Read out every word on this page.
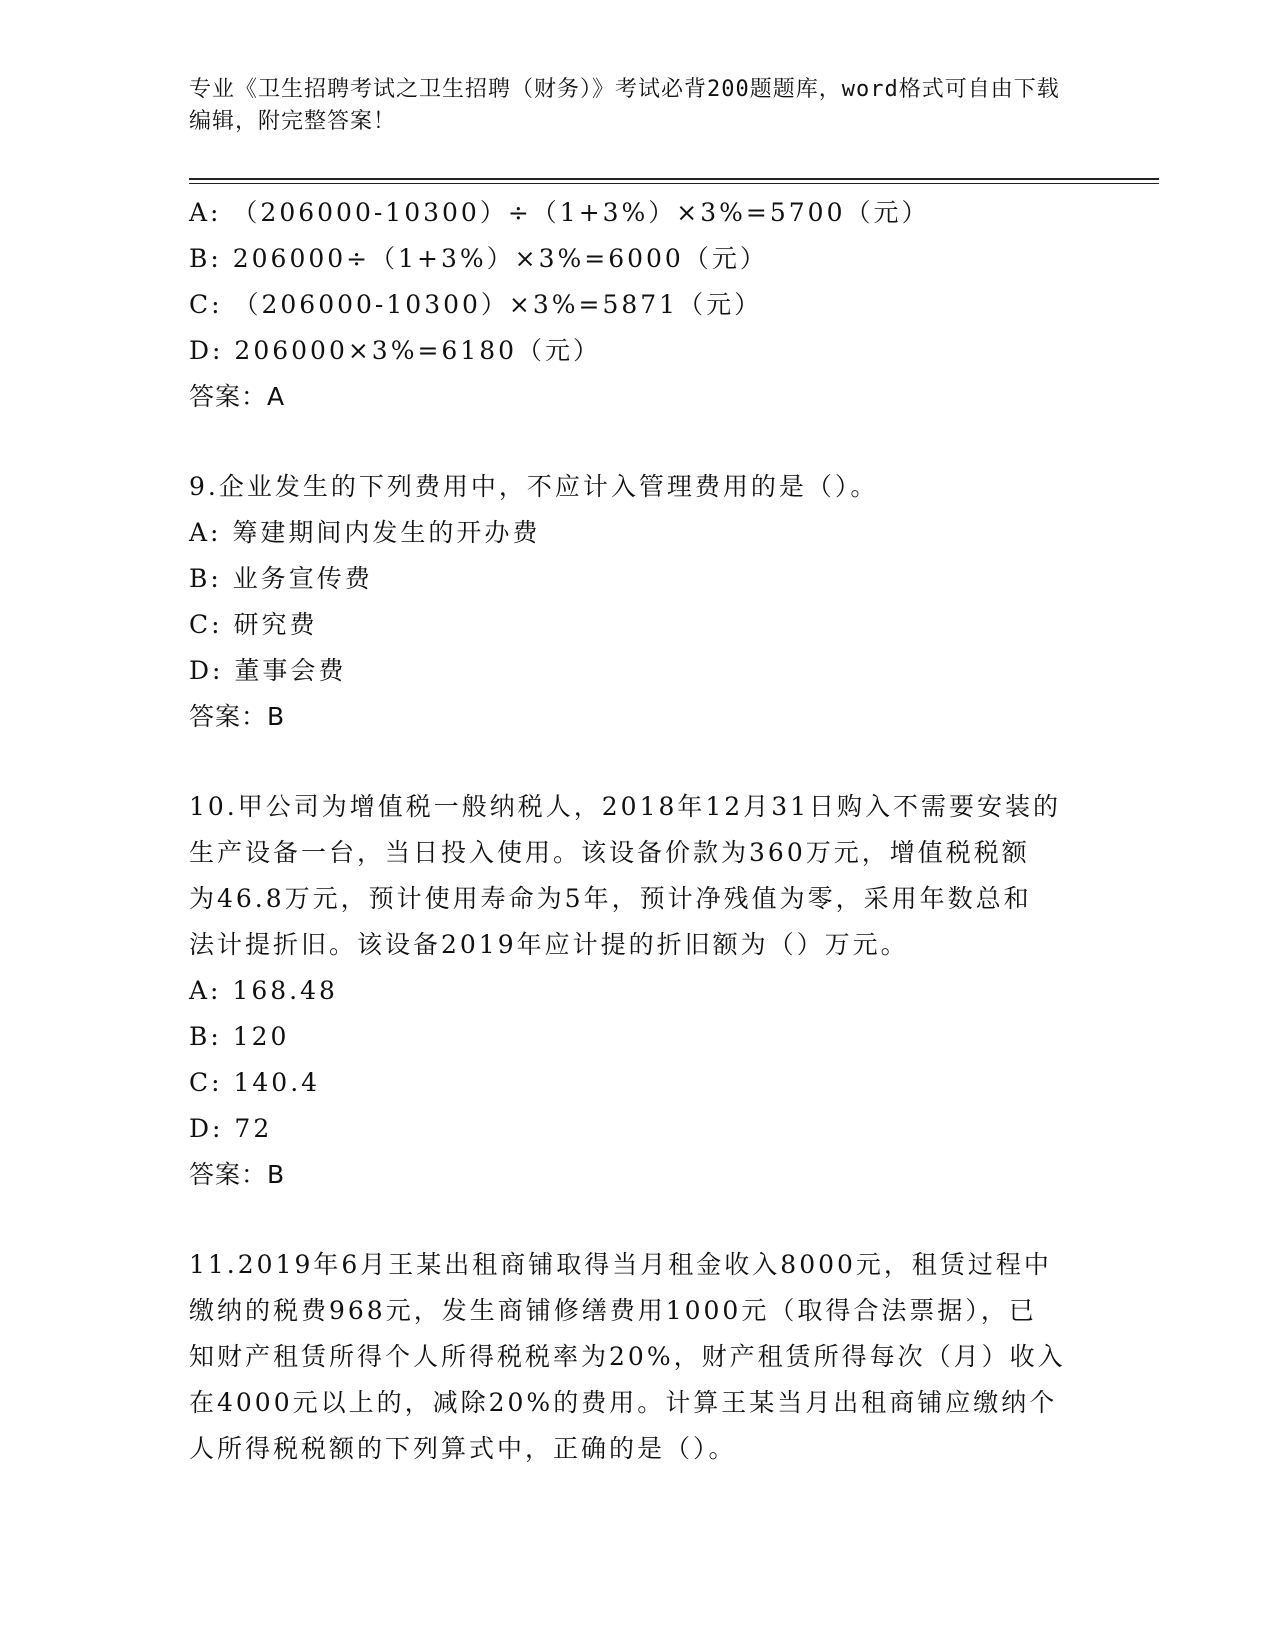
专业《卫生招聘考试之卫生招聘（财务）》考试必背200题题库，word格式可自由下载编辑，附完整答案！
A: （206000-10300）÷（1+3%）×3%=5700（元）
B: 206000÷（1+3%）×3%=6000（元）
C: （206000-10300）×3%=5871（元）
D: 206000×3%=6180（元）
答案：A
9.企业发生的下列费用中，不应计入管理费用的是（）。
A: 筹建期间内发生的开办费
B: 业务宣传费
C: 研究费
D: 董事会费
答案：B
10.甲公司为增值税一般纳税人，2018年12月31日购入不需要安装的
生产设备一台，当日投入使用。该设备价款为360万元，增值税税额
为46.8万元，预计使用寿命为5年，预计净残值为零，采用年数总和
法计提折旧。该设备2019年应计提的折旧额为（）万元。
A: 168.48
B: 120
C: 140.4
D: 72
答案：B
11.2019年6月王某出租商铺取得当月租金收入8000元，租赁过程中
缴纳的税费968元，发生商铺修缮费用1000元（取得合法票据），已
知财产租赁所得个人所得税税率为20%，财产租赁所得每次（月）收入
在4000元以上的，减除20%的费用。计算王某当月出租商铺应缴纳个
人所得税税额的下列算式中，正确的是（）。
